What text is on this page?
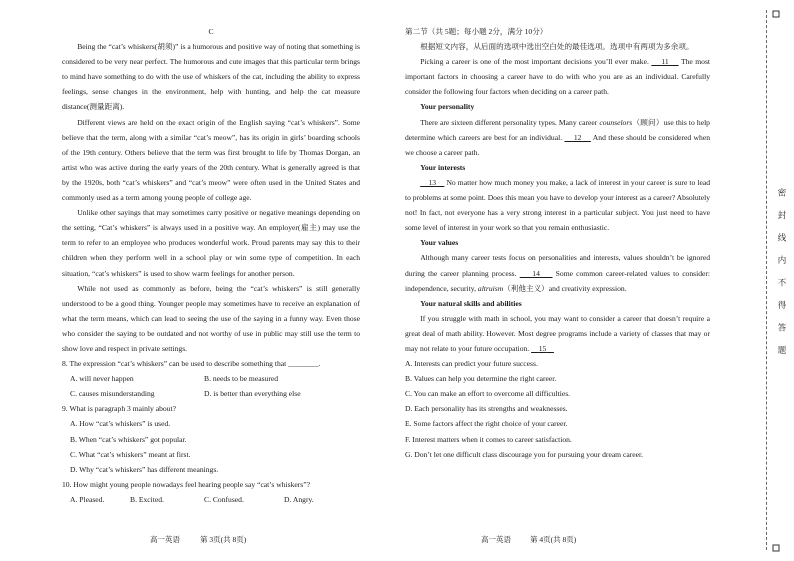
C

Being the “cat’s whiskers(胡须)” is a humorous and positive way of noting that something is considered to be very near perfect. The humorous and cute images that this particular term brings to mind have something to do with the use of whiskers of the cat, including the ability to express feelings, sense changes in the environment, help with hunting, and help the cat measure distance(测量距离).

Different views are held on the exact origin of the English saying “cat’s whiskers”. Some believe that the term, along with a similar “cat’s meow”, has its origin in girls’ boarding schools of the 19th century. Others believe that the term was first brought to life by Thomas Dorgan, an artist who was active during the early years of the 20th century. What is generally agreed is that by the 1920s, both “cat’s whiskers” and “cat’s meow” were often used in the United States and commonly used as a term among young people of college age.

Unlike other sayings that may sometimes carry positive or negative meanings depending on the setting, “Cat’s whiskers” is always used in a positive way. An employer(雇主) may use the term to refer to an employee who produces wonderful work. Proud parents may say this to their children when they perform well in a school play or win some type of competition. In each situation, “cat’s whiskers” is used to show warm feelings for another person.

While not used as commonly as before, being the “cat’s whiskers” is still generally understood to be a good thing. Younger people may sometimes have to receive an explanation of what the term means, which can lead to seeing the use of the saying in a funny way. Even those who consider the saying to be outdated and not worthy of use in public may still use the term to show love and respect in private settings.

8. The expression “cat’s whiskers” can be used to describe something that ________.

A. will never happen	B. needs to be measured
C. causes misunderstanding	D. is better than everything else

9. What is paragraph 3 mainly about?

A. How “cat’s whiskers” is used.

B. When “cat’s whiskers” got popular.

C. What “cat’s whiskers” meant at first.

D. Why “cat’s whiskers” has different meanings.

10. How might young people nowadays feel hearing people say “cat’s whiskers”?

A. Pleased.	B. Excited.	C. Confused.	D. Angry.

第二节（共 5题；每小题 2分，满分 10分）

根据短文内容，从后面的选项中选出空白处的最佳选项。选项中有两项为多余项。

Picking a career is one of the most important decisions you’ll ever make. 11 The most important factors in choosing a career have to do with who you are as an individual. Carefully consider the following four factors when deciding on a career path.

Your personality

There are sixteen different personality types. Many career counselors（顾问）use this to help determine which careers are best for an individual. 12 And these should be considered when we choose a career path.

Your interests

13 No matter how much money you make, a lack of interest in your career is sure to lead to problems at some point. Does this mean you have to develop your interest as a career? Absolutely not! In fact, not everyone has a very strong interest in a particular subject. You just need to have some level of interest in your work so that you remain enthusiastic.

Your values

Although many career tests focus on personalities and interests, values shouldn’t be ignored during the career planning process. 14 Some common career-related values to consider: independence, security, altruism（利他主义）and creativity expression.

Your natural skills and abilities

If you struggle with math in school, you may want to consider a career that doesn’t require a great deal of math ability. However. Most degree programs include a variety of classes that may or may not relate to your future occupation. 15

A. Interests can predict your future success.

B. Values can help you determine the right career.

C. You can make an effort to overcome all difficulties.

D. Each personality has its strengths and weaknesses.

E. Some factors affect the right choice of your career.

F. Interest matters when it comes to career satisfaction.

G. Don’t let one difficult class discourage you for pursuing your dream career.

高一英语	第 3页(共 8页)	高一英语	第 4页(共 8页)
密封线内不得答题
